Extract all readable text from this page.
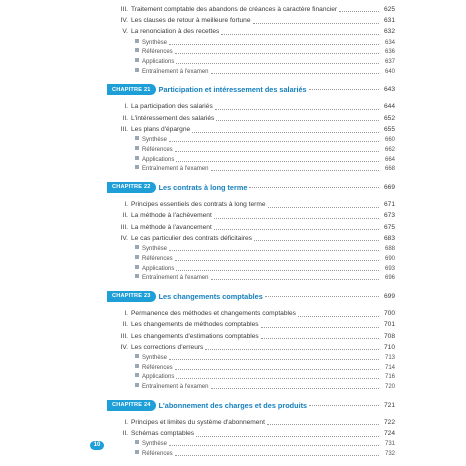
III. Traitement comptable des abandons de créances à caractère financier	625
IV. Les clauses de retour à meilleure fortune	631
V. La renonciation à des recettes	632
Synthèse	634
Références	636
Applications	637
Entraînement à l'examen	640
CHAPITRE 21	Participation et intéressement des salariés	643
I. La participation des salariés	644
II. L'intéressement des salariés	652
III. Les plans d'épargne	655
Synthèse	660
Références	662
Applications	664
Entraînement à l'examen	668
CHAPITRE 22	Les contrats à long terme	669
I. Principes essentiels des contrats à long terme	671
II. La méthode à l'achèvement	673
III. La méthode à l'avancement	675
IV. Le cas particulier des contrats déficitaires	683
Synthèse	688
Références	690
Applications	693
Entraînement à l'examen	696
CHAPITRE 23	Les changements comptables	699
I. Permanence des méthodes et changements comptables	700
II. Les changements de méthodes comptables	701
III. Les changements d'estimations comptables	708
IV. Les corrections d'erreurs	710
Synthèse	713
Références	714
Applications	716
Entraînement à l'examen	720
CHAPITRE 24	L'abonnement des charges et des produits	721
I. Principes et limites du système d'abonnement	722
II. Schémas comptables	724
Synthèse	731
Références	732
10
